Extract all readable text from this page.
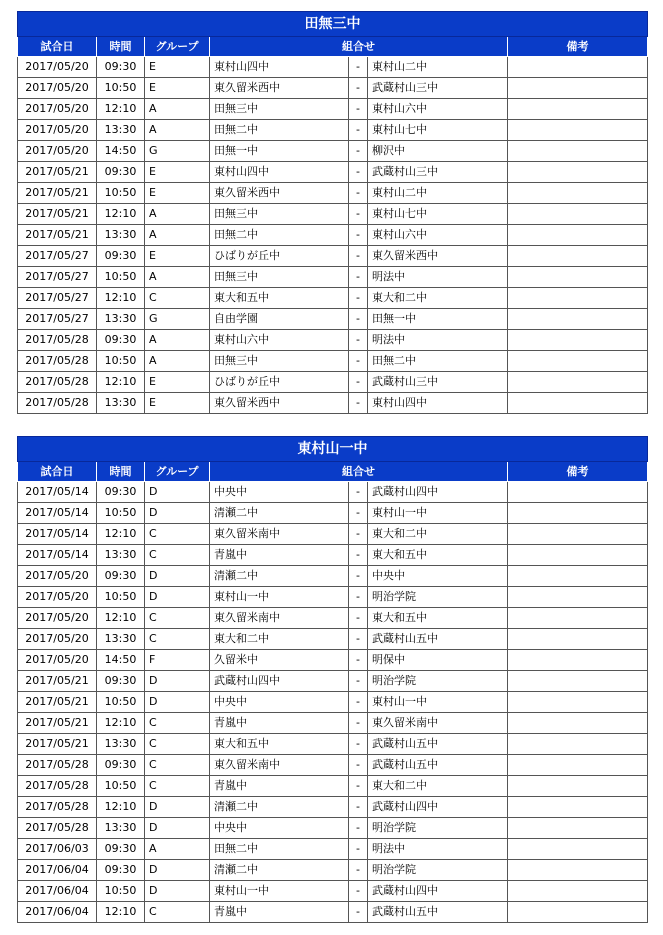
田無三中						
試合日	時間	グループ	組合せ			備考
2017/05/20	09:30	E	東村山四中	-	東村山二中	
2017/05/20	10:50	E	東久留米西中	-	武蔵村山三中	
2017/05/20	12:10	A	田無三中	-	東村山六中	
2017/05/20	13:30	A	田無二中	-	東村山七中	
2017/05/20	14:50	G	田無一中	-	柳沢中	
2017/05/21	09:30	E	東村山四中	-	武蔵村山三中	
2017/05/21	10:50	E	東久留米西中	-	東村山二中	
2017/05/21	12:10	A	田無三中	-	東村山七中	
2017/05/21	13:30	A	田無二中	-	東村山六中	
2017/05/27	09:30	E	ひばりが丘中	-	東久留米西中	
2017/05/27	10:50	A	田無三中	-	明法中	
2017/05/27	12:10	C	東大和五中	-	東大和二中	
2017/05/27	13:30	G	自由学園	-	田無一中	
2017/05/28	09:30	A	東村山六中	-	明法中	
2017/05/28	10:50	A	田無三中	-	田無二中	
2017/05/28	12:10	E	ひばりが丘中	-	武蔵村山三中	
2017/05/28	13:30	E	東久留米西中	-	東村山四中	
東村山一中						
試合日	時間	グループ	組合せ			備考
2017/05/14	09:30	D	中央中	-	武蔵村山四中	
2017/05/14	10:50	D	清瀬二中	-	東村山一中	
2017/05/14	12:10	C	東久留米南中	-	東大和二中	
2017/05/14	13:30	C	青嵐中	-	東大和五中	
2017/05/20	09:30	D	清瀬二中	-	中央中	
2017/05/20	10:50	D	東村山一中	-	明治学院	
2017/05/20	12:10	C	東久留米南中	-	東大和五中	
2017/05/20	13:30	C	東大和二中	-	武蔵村山五中	
2017/05/20	14:50	F	久留米中	-	明保中	
2017/05/21	09:30	D	武蔵村山四中	-	明治学院	
2017/05/21	10:50	D	中央中	-	東村山一中	
2017/05/21	12:10	C	青嵐中	-	東久留米南中	
2017/05/21	13:30	C	東大和五中	-	武蔵村山五中	
2017/05/28	09:30	C	東久留米南中	-	武蔵村山五中	
2017/05/28	10:50	C	青嵐中	-	東大和二中	
2017/05/28	12:10	D	清瀬二中	-	武蔵村山四中	
2017/05/28	13:30	D	中央中	-	明治学院	
2017/06/03	09:30	A	田無二中	-	明法中	
2017/06/04	09:30	D	清瀬二中	-	明治学院	
2017/06/04	10:50	D	東村山一中	-	武蔵村山四中	
2017/06/04	12:10	C	青嵐中	-	武蔵村山五中	
